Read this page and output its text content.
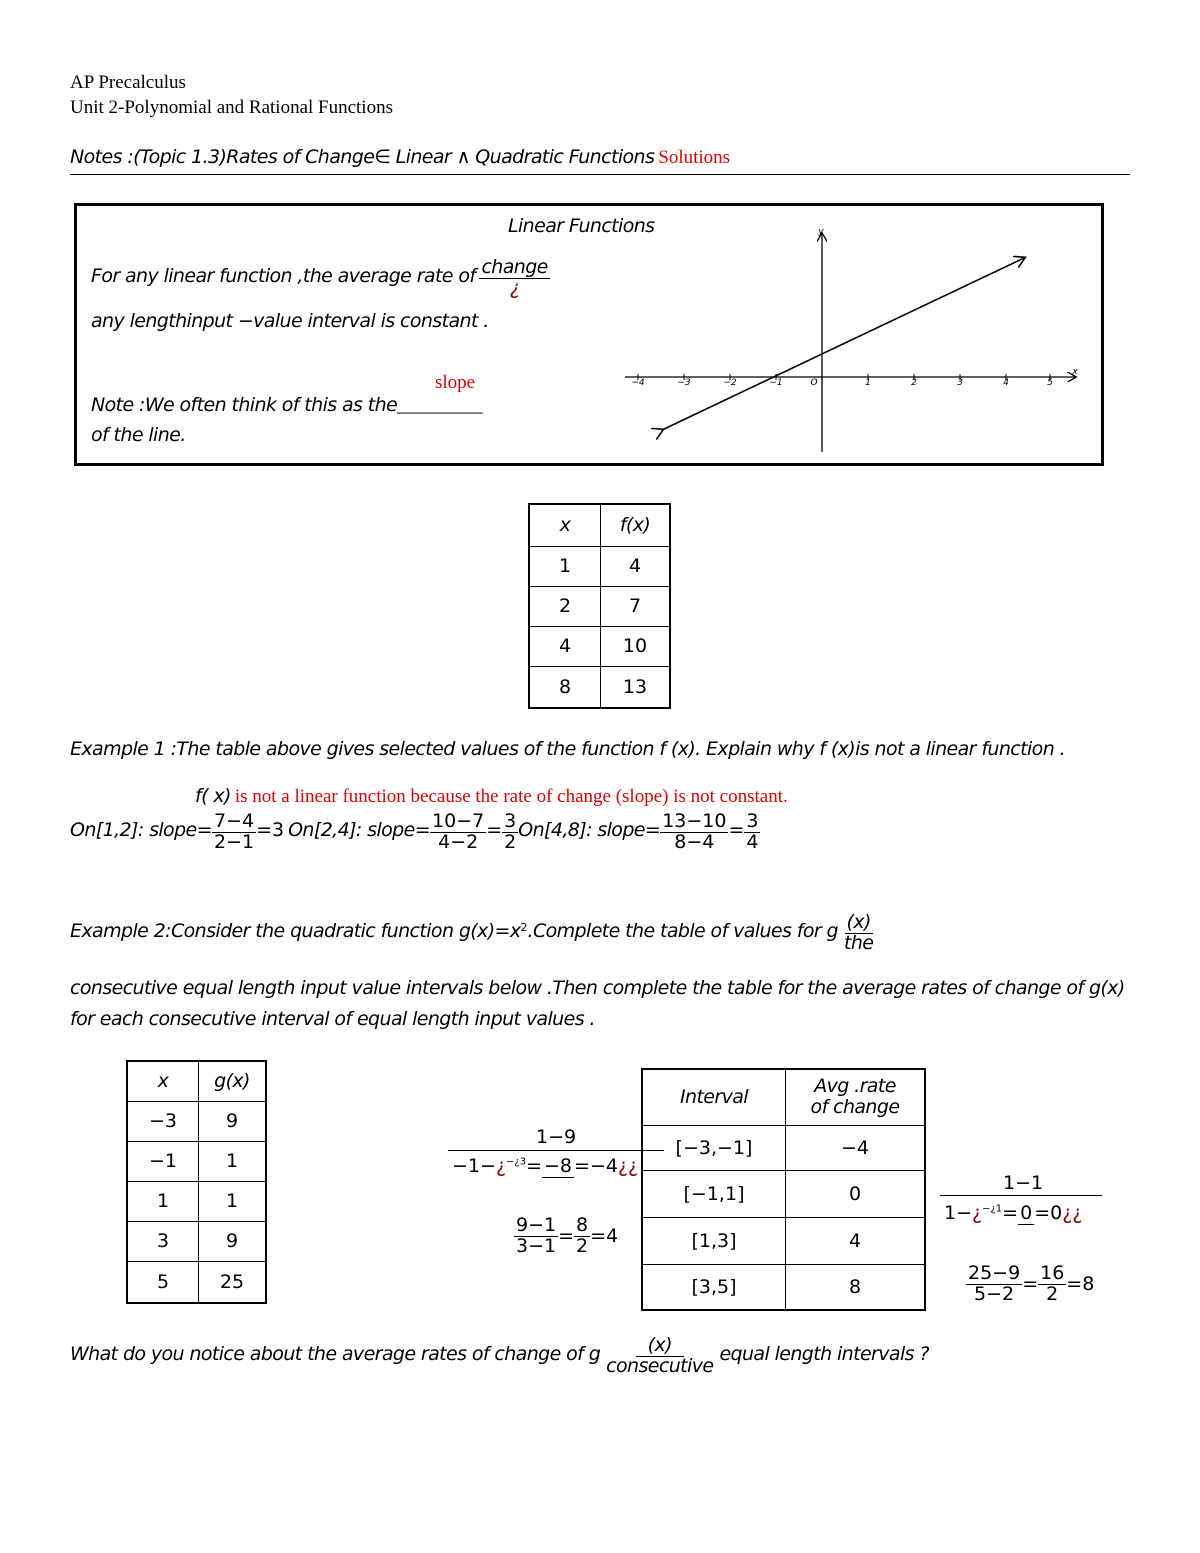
AP Precalculus
Unit 2-Polynomial and Rational Functions
Notes :(Topic 1.3)Rates of Change∈ Linear ∧ Quadratic Functions Solutions
Linear Functions
For any linear function ,the average rate of $\frac{\text{change}}{¿}$
any lengthinput −value interval is constant .
slope
Note :We often think of this as the_________
of the line.
−4	−3	−2	−1	1	2	3	4	5
O
x
y
x	f(x)
1	4
2	7
4	10
8	13
Example 1 :The table above gives selected values of the function f (x). Explain why f (x)is not a linear function .
f( x) is not a linear function because the rate of change (slope) is not constant.
On[1,2]: slope= $\frac{7-4}{2-1} =3$ On[2,4]: slope= $\frac{10-7}{4-2} = \frac{3}{2} On[4,8]$: slope= $\frac{13-10}{8-4} = \frac{3}{4}$
Example 2:Consider the quadratic function $g(x)=x^2.Complete$ the table of values for g $\frac{(x)}{\text{the}}$
consecutive equal length input value intervals below .Then complete the table for the average rates of change of g(x)
for each consecutive interval of equal length input values .
x	g(x)
−3	9
−1	1
1	1
3	9
5	25
Interval	Avg .rate
of change

[−3,−1]	−4
[−1,1]	0
[1,3]	4
[3,5]	8
1−9
−1−¿$^{-¿3}$= −8 =−4¿¿
$\frac{9-1}{3-1} = \frac{8}{2} =4$
1−1
1−¿$^{-¿1}$= 0 =0¿¿
$\frac{25-9}{5-2} = \frac{16}{2} =8$
What do you notice about the average rates of change of g $\frac{(x)}{\text{consecutive}}$ equal length intervals ?
